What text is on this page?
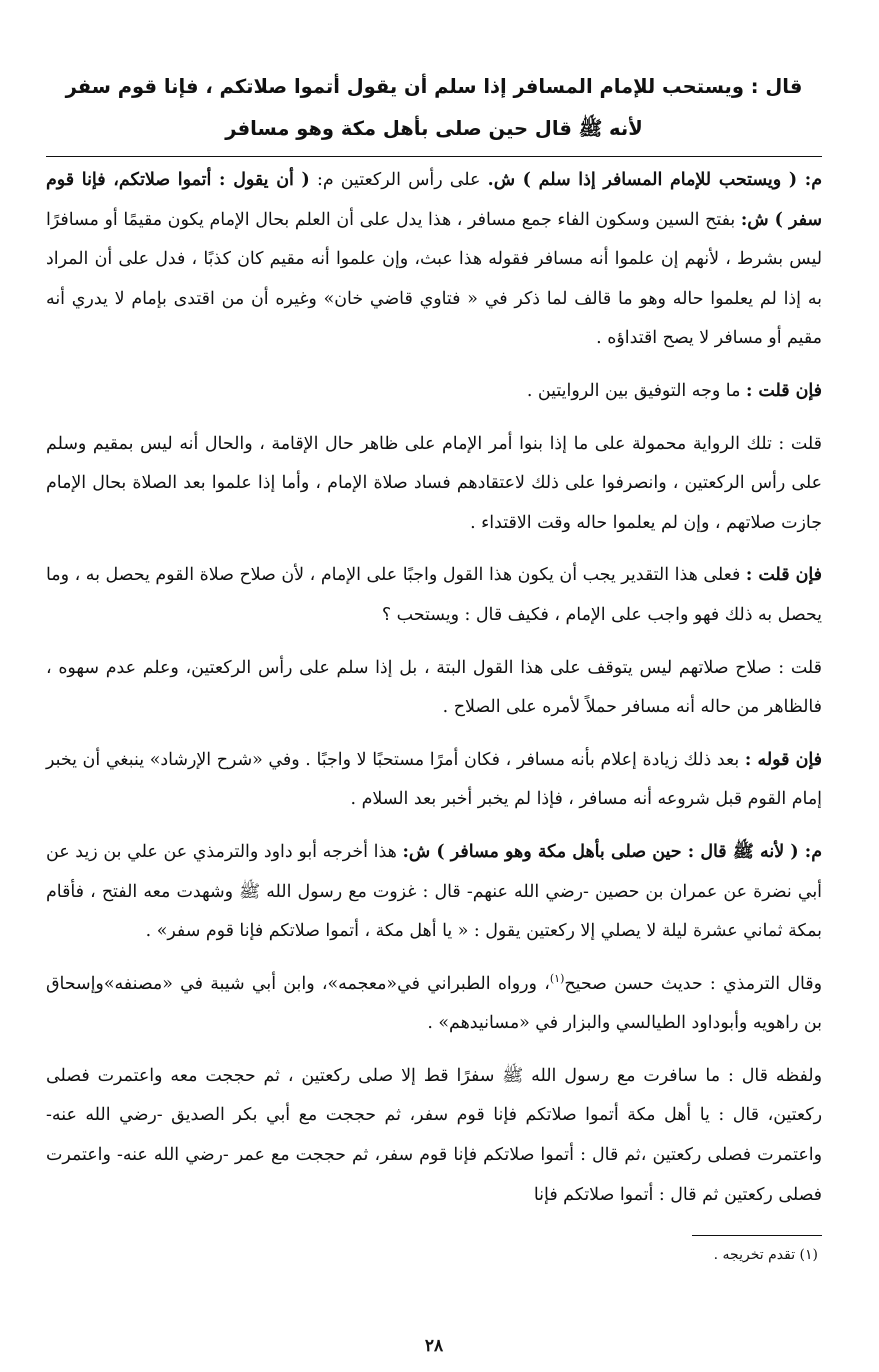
قال : ويستحب للإمام المسافر إذا سلم أن يقول أتموا صلاتكم ، فإنا قوم سفر لأنه ﷺ قال حين صلى بأهل مكة وهو مسافر

م: ( ويستحب للإمام المسافر إذا سلم ) ش. على رأس الركعتين م: ( أن يقول : أتموا صلاتكم، فإنا قوم سفر ) ش: بفتح السين وسكون الفاء جمع مسافر ، هذا يدل على أن العلم بحال الإمام يكون مقيمًا أو مسافرًا ليس بشرط ، لأنهم إن علموا أنه مسافر فقوله هذا عبث، وإن علموا أنه مقيم كان كذبًا ، فدل على أن المراد به إذا لم يعلموا حاله وهو ما قالف لما ذكر في « فتاوي قاضي خان» وغيره أن من اقتدى بإمام لا يدري أنه مقيم أو مسافر لا يصح اقتداؤه .

فإن قلت : ما وجه التوفيق بين الروايتين .

قلت : تلك الرواية محمولة على ما إذا بنوا أمر الإمام على ظاهر حال الإقامة ، والحال أنه ليس بمقيم وسلم على رأس الركعتين ، وانصرفوا على ذلك لاعتقادهم فساد صلاة الإمام ، وأما إذا علموا بعد الصلاة بحال الإمام جازت صلاتهم ، وإن لم يعلموا حاله وقت الاقتداء .

فإن قلت : فعلى هذا التقدير يجب أن يكون هذا القول واجبًا على الإمام ، لأن صلاح صلاة القوم يحصل به ، وما يحصل به ذلك فهو واجب على الإمام ، فكيف قال : ويستحب ؟

قلت : صلاح صلاتهم ليس يتوقف على هذا القول البتة ، بل إذا سلم على رأس الركعتين، وعلم عدم سهوه ، فالظاهر من حاله أنه مسافر حملاً لأمره على الصلاح .

فإن قوله : بعد ذلك زيادة إعلام بأنه مسافر ، فكان أمرًا مستحبًا لا واجبًا . وفي «شرح الإرشاد» ينبغي أن يخبر إمام القوم قبل شروعه أنه مسافر ، فإذا لم يخبر أخبر بعد السلام .

م: ( لأنه ﷺ قال : حين صلى بأهل مكة وهو مسافر ) ش: هذا أخرجه أبو داود والترمذي عن علي بن زيد عن أبي نضرة عن عمران بن حصين -رضي الله عنهم- قال : غزوت مع رسول الله ﷺ وشهدت معه الفتح ، فأقام بمكة ثماني عشرة ليلة لا يصلي إلا ركعتين يقول : « يا أهل مكة ، أتموا صلاتكم فإنا قوم سفر» .

وقال الترمذي : حديث حسن صحيح$^{(١)}$، ورواه الطبراني في«معجمه»، وابن أبي شيبة في «مصنفه»وإسحاق بن راهويه وأبوداود الطيالسي والبزار في «مسانيدهم» .

ولفظه قال : ما سافرت مع رسول الله ﷺ سفرًا قط إلا صلى ركعتين ، ثم حججت معه واعتمرت فصلى ركعتين، قال : يا أهل مكة أتموا صلاتكم فإنا قوم سفر، ثم حججت مع أبي بكر الصديق -رضي الله عنه- واعتمرت فصلى ركعتين ،ثم قال : أتموا صلاتكم فإنا قوم سفر، ثم حججت مع عمر -رضي الله عنه- واعتمرت فصلى ركعتين ثم قال : أتموا صلاتكم فإنا

(١) تقدم تخريجه .

٢٨
